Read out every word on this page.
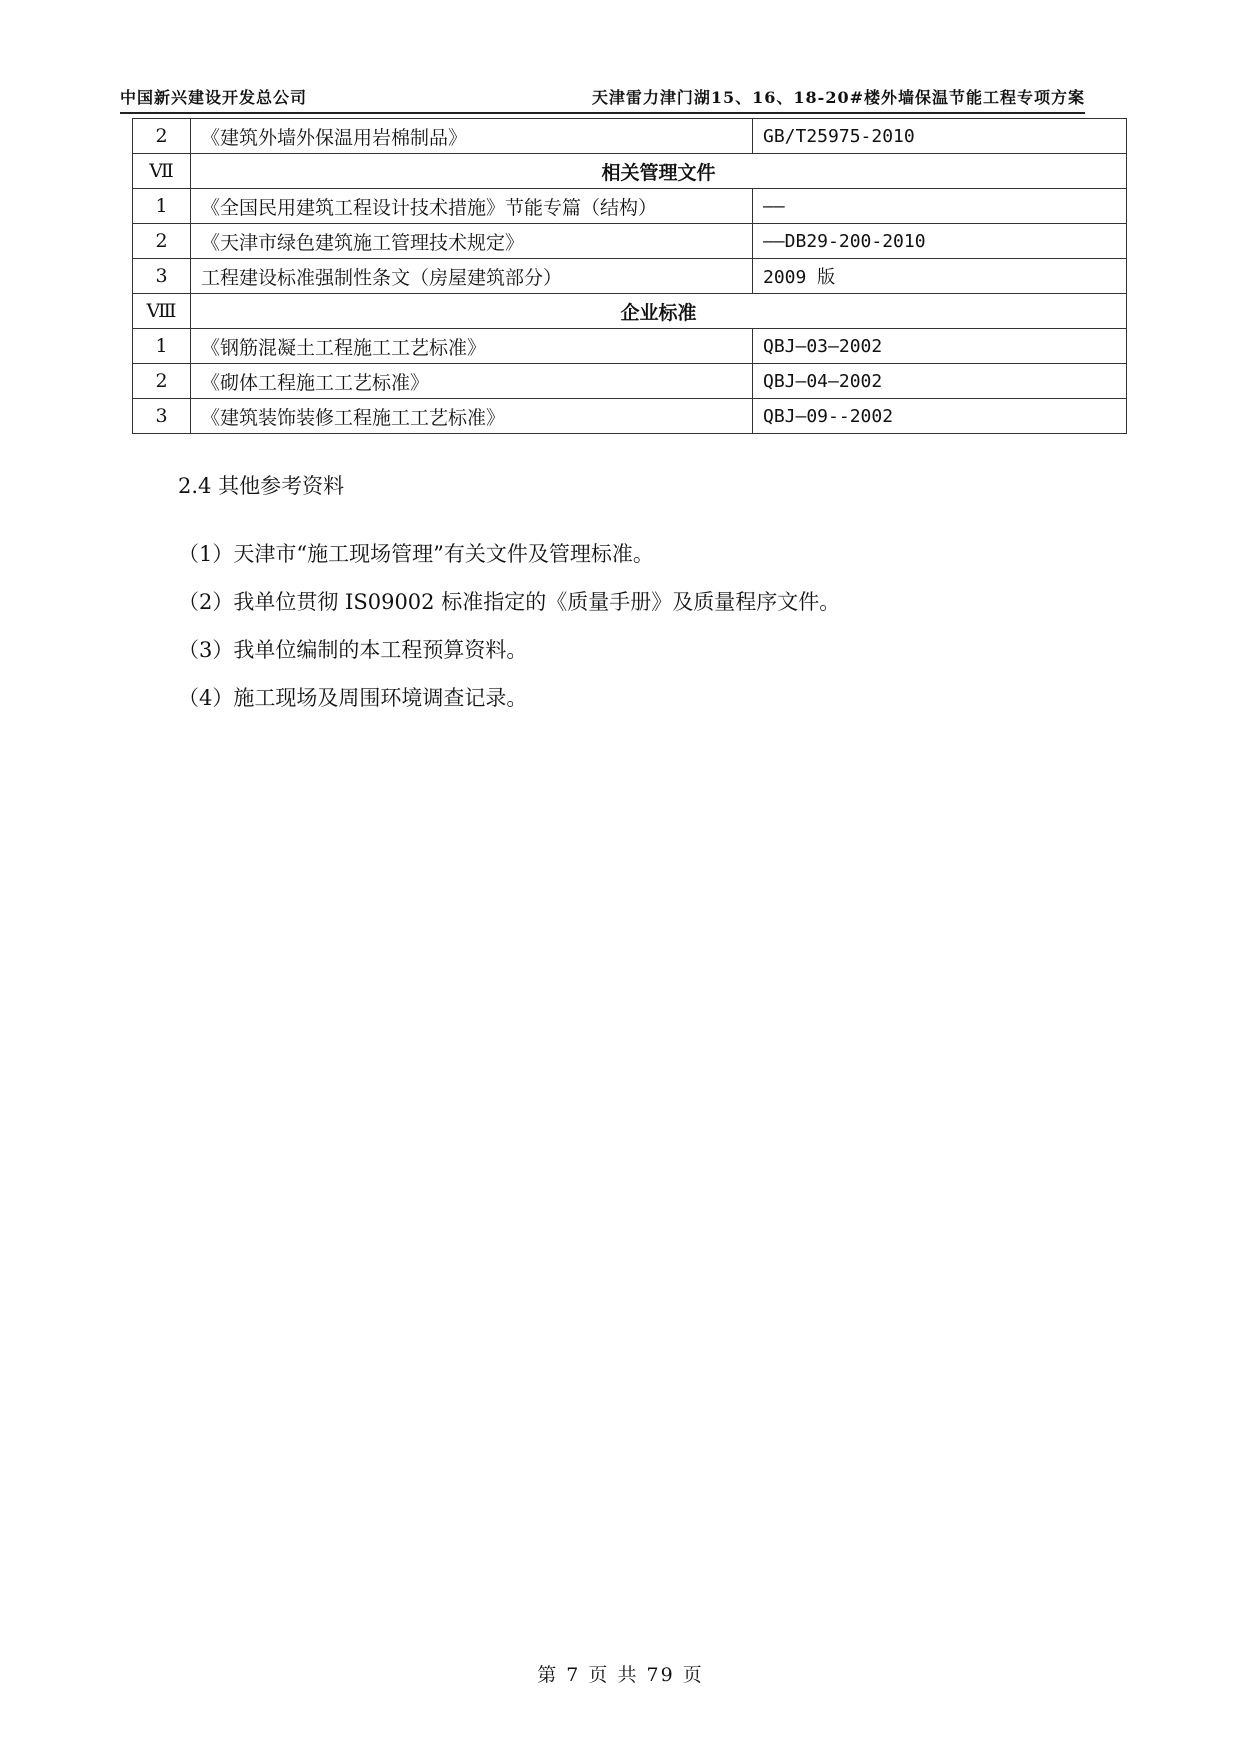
中国新兴建设开发总公司	天津雷力津门湖15、16、18-20#楼外墙保温节能工程专项方案
2	《建筑外墙外保温用岩棉制品》	GB/T25975-2010
Ⅶ	相关管理文件	
1	《全国民用建筑工程设计技术措施》节能专篇（结构）	——
2	《天津市绿色建筑施工管理技术规定》	——DB29-200-2010
3	工程建设标准强制性条文（房屋建筑部分）	2009 版
Ⅷ	企业标准	
1	《钢筋混凝土工程施工工艺标准》	QBJ—03—2002
2	《砌体工程施工工艺标准》	QBJ—04—2002
3	《建筑装饰装修工程施工工艺标准》	QBJ—09--2002
2.4 其他参考资料
（1）天津市“施工现场管理”有关文件及管理标准。
（2）我单位贯彻 IS09002 标准指定的《质量手册》及质量程序文件。
（3）我单位编制的本工程预算资料。
（4）施工现场及周围环境调查记录。
第 7 页 共 79 页
